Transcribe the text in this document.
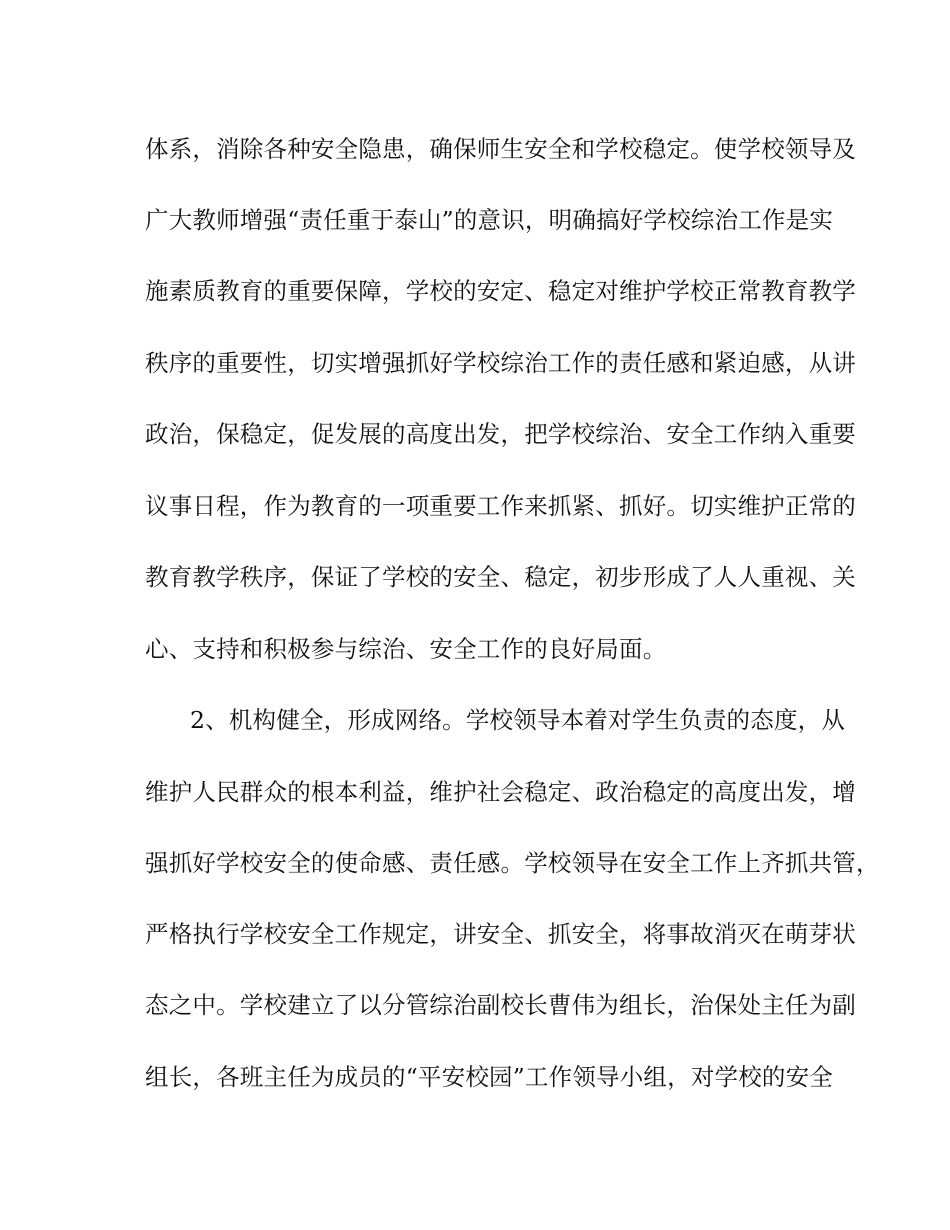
体系，消除各种安全隐患，确保师生安全和学校稳定。使学校领导及
广大教师增强“责任重于泰山”的意识，明确搞好学校综治工作是实
施素质教育的重要保障，学校的安定、稳定对维护学校正常教育教学
秩序的重要性，切实增强抓好学校综治工作的责任感和紧迫感，从讲
政治，保稳定，促发展的高度出发，把学校综治、安全工作纳入重要
议事日程，作为教育的一项重要工作来抓紧、抓好。切实维护正常的
教育教学秩序，保证了学校的安全、稳定，初步形成了人人重视、关
心、支持和积极参与综治、安全工作的良好局面。
2、机构健全，形成网络。学校领导本着对学生负责的态度，从
维护人民群众的根本利益，维护社会稳定、政治稳定的高度出发，增
强抓好学校安全的使命感、责任感。学校领导在安全工作上齐抓共管，
严格执行学校安全工作规定，讲安全、抓安全，将事故消灭在萌芽状
态之中。学校建立了以分管综治副校长曹伟为组长，治保处主任为副
组长，各班主任为成员的“平安校园”工作领导小组，对学校的安全
